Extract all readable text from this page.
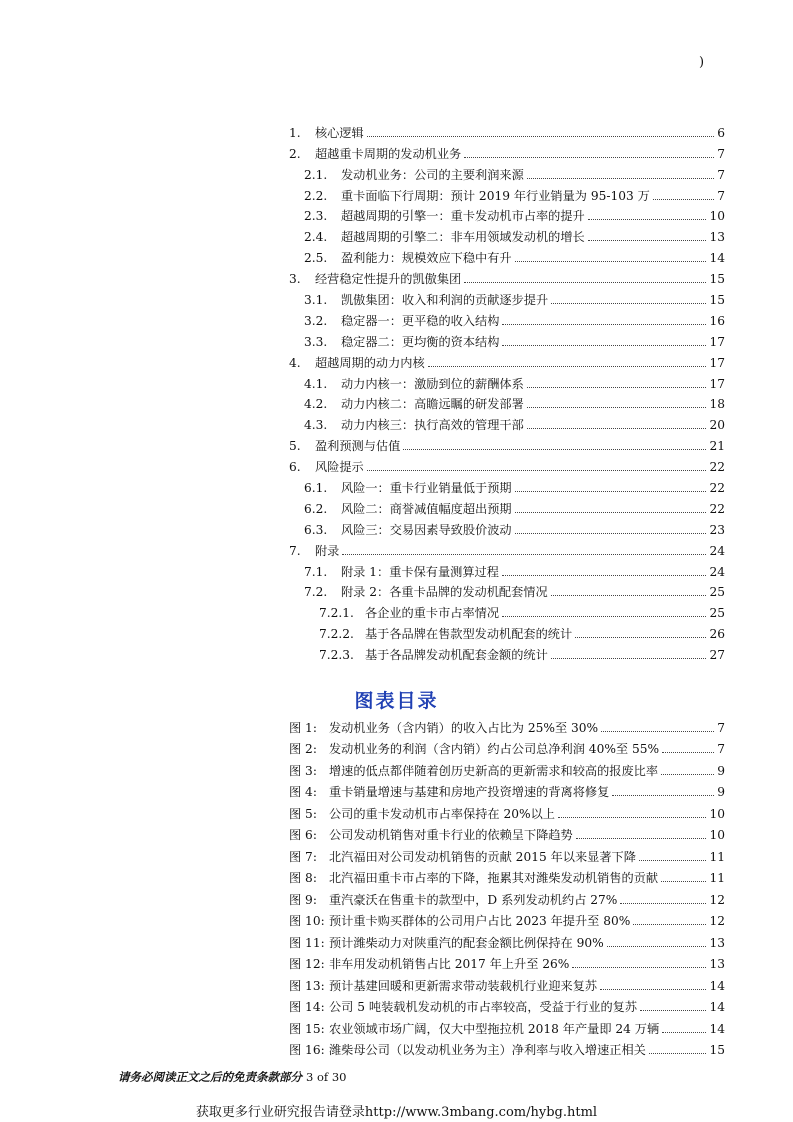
)
1.	核心逻辑	6
2.	超越重卡周期的发动机业务	7
2.1.	发动机业务：公司的主要利润来源	7
2.2.	重卡面临下行周期：预计 2019 年行业销量为 95-103 万	7
2.3.	超越周期的引擎一：重卡发动机市占率的提升	10
2.4.	超越周期的引擎二：非车用领域发动机的增长	13
2.5.	盈利能力：规模效应下稳中有升	14
3.	经营稳定性提升的凯傲集团	15
3.1.	凯傲集团：收入和利润的贡献逐步提升	15
3.2.	稳定器一：更平稳的收入结构	16
3.3.	稳定器二：更均衡的资本结构	17
4.	超越周期的动力内核	17
4.1.	动力内核一：激励到位的薪酬体系	17
4.2.	动力内核二：高瞻远瞩的研发部署	18
4.3.	动力内核三：执行高效的管理干部	20
5.	盈利预测与估值	21
6.	风险提示	22
6.1.	风险一：重卡行业销量低于预期	22
6.2.	风险二：商誉减值幅度超出预期	22
6.3.	风险三：交易因素导致股价波动	23
7.	附录	24
7.1.	附录 1：重卡保有量测算过程	24
7.2.	附录 2：各重卡品牌的发动机配套情况	25
7.2.1. 各企业的重卡市占率情况	25
7.2.2. 基于各品牌在售款型发动机配套的统计	26
7.2.3. 基于各品牌发动机配套金额的统计	27
图表目录
图 1: 发动机业务（含内销）的收入占比为 25%至 30%	7
图 2: 发动机业务的利润（含内销）约占公司总净利润 40%至 55%	7
图 3: 增速的低点都伴随着创历史新高的更新需求和较高的报废比率	9
图 4: 重卡销量增速与基建和房地产投资增速的背离将修复	9
图 5: 公司的重卡发动机市占率保持在 20%以上	10
图 6: 公司发动机销售对重卡行业的依赖呈下降趋势	10
图 7: 北汽福田对公司发动机销售的贡献 2015 年以来显著下降	11
图 8: 北汽福田重卡市占率的下降，拖累其对潍柴发动机销售的贡献	11
图 9: 重汽豪沃在售重卡的款型中，D 系列发动机约占 27%	12
图 10: 预计重卡购买群体的公司用户占比 2023 年提升至 80%	12
图 11: 预计潍柴动力对陕重汽的配套金额比例保持在 90%	13
图 12: 非车用发动机销售占比 2017 年上升至 26%	13
图 13: 预计基建回暖和更新需求带动装载机行业迎来复苏	14
图 14: 公司 5 吨装载机发动机的市占率较高，受益于行业的复苏	14
图 15: 农业领域市场广阔，仅大中型拖拉机 2018 年产量即 24 万辆	14
图 16: 潍柴母公司（以发动机业务为主）净利率与收入增速正相关	15
请务必阅读正文之后的免责条款部分 3 of 30
获取更多行业研究报告请登录http://www.3mbang.com/hybg.html
